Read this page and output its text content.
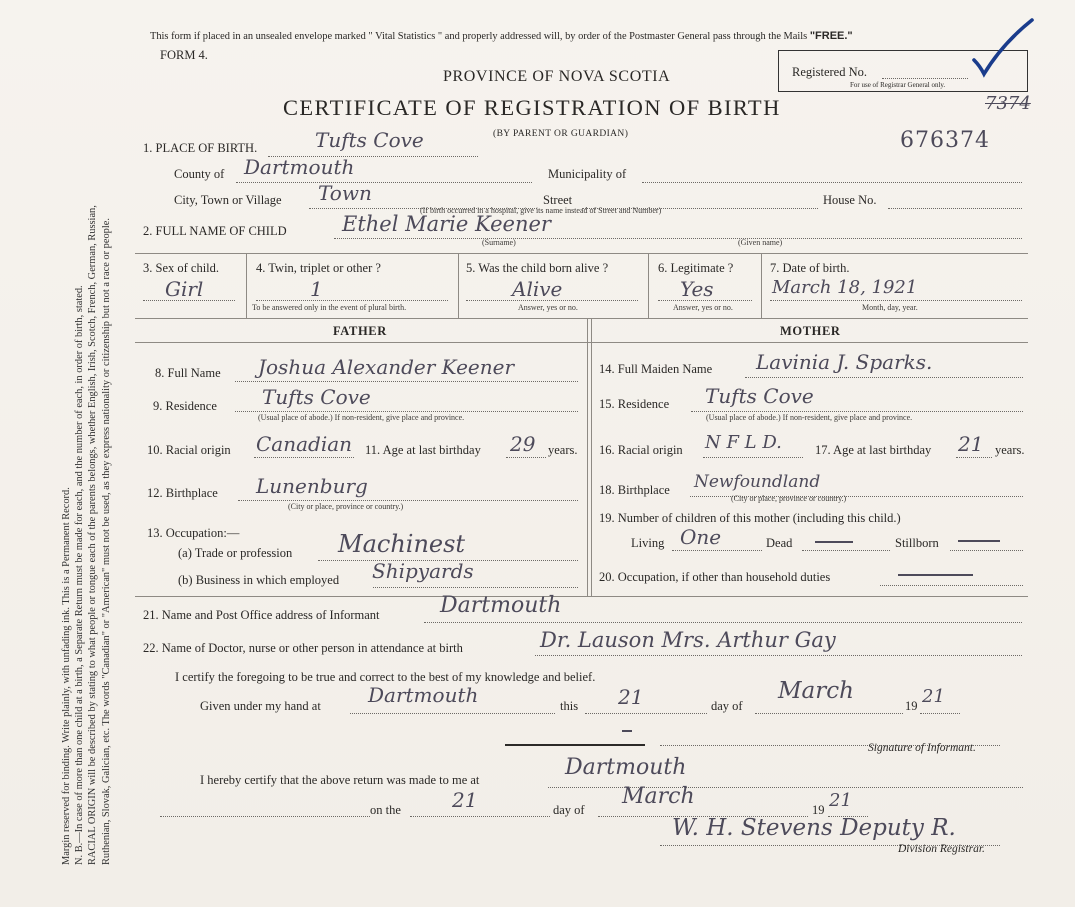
Margin reserved for binding. Write plainly, with unfading ink. This is a Permanent Record. N. B.—In case of more than one child at a birth, a Separate Return must be made for each, and the number of each, in order of birth, stated. RACIAL ORIGIN will be described by stating to what people or tongue each of the parents belongs, whether English, Irish, Scotch, French, German, Russian, Ruthenian, Slovak, Galician, etc. The words "Canadian" or "American" must not be used, as they express nationality or citizenship but not a race or people.
This form if placed in an unsealed envelope marked " Vital Statistics " and properly addressed will, by order of the Postmaster General pass through the Mails "FREE."
FORM 4.
PROVINCE OF NOVA SCOTIA
CERTIFICATE OF REGISTRATION OF BIRTH
(BY PARENT OR GUARDIAN)
Registered No.
For use of Registrar General only.
7374
676374
1. PLACE OF BIRTH.	Tufts Cove
County of Dartmouth	Municipality of
City, Town or Village Town	Street	House No.
(If birth occurred in a hospital, give its name instead of Street and Number)
2. FULL NAME OF CHILD	Ethel Marie Keener
(Surname)	(Given name)
3. Sex of child.
Girl
4. Twin, triplet or other ?
1
To be answered only in the event of plural birth.
5. Was the child born alive ?
Alive
Answer, yes or no.
6. Legitimate ?
Yes
Answer, yes or no.
7. Date of birth.
March 18, 1921
Month, day, year.
FATHER	MOTHER
8. Full Name Joshua Alexander Keener
9. Residence Tufts Cove
(Usual place of abode.) If non-resident, give place and province.
10. Racial origin Canadian 11. Age at last birthday 29 years.
12. Birthplace Lunenburg
(City or place, province or country.)
13. Occupation:—
(a) Trade or profession Machinest
(b) Business in which employed Shipyards
14. Full Maiden Name Lavinia J. Sparks.
15. Residence Tufts Cove
(Usual place of abode.) If non-resident, give place and province.
16. Racial origin N F L D.	17. Age at last birthday 21 years.
18. Birthplace Newfoundland
(City or place, province or country.)
19. Number of children of this mother (including this child.)
Living One	Dead	Stillborn
20. Occupation, if other than household duties
21. Name and Post Office address of Informant	Dartmouth
22. Name of Doctor, nurse or other person in attendance at birth	Dr. Lauson Mrs. Arthur Gay
I certify the foregoing to be true and correct to the best of my knowledge and belief.
Given under my hand at Dartmouth	this 21	day of
March
19 21
Signature of Informant.
I hereby certify that the above return was made to me at	Dartmouth
on the	21	day of
March
19 21
W. H. Stevens Deputy R.
Division Registrar.
